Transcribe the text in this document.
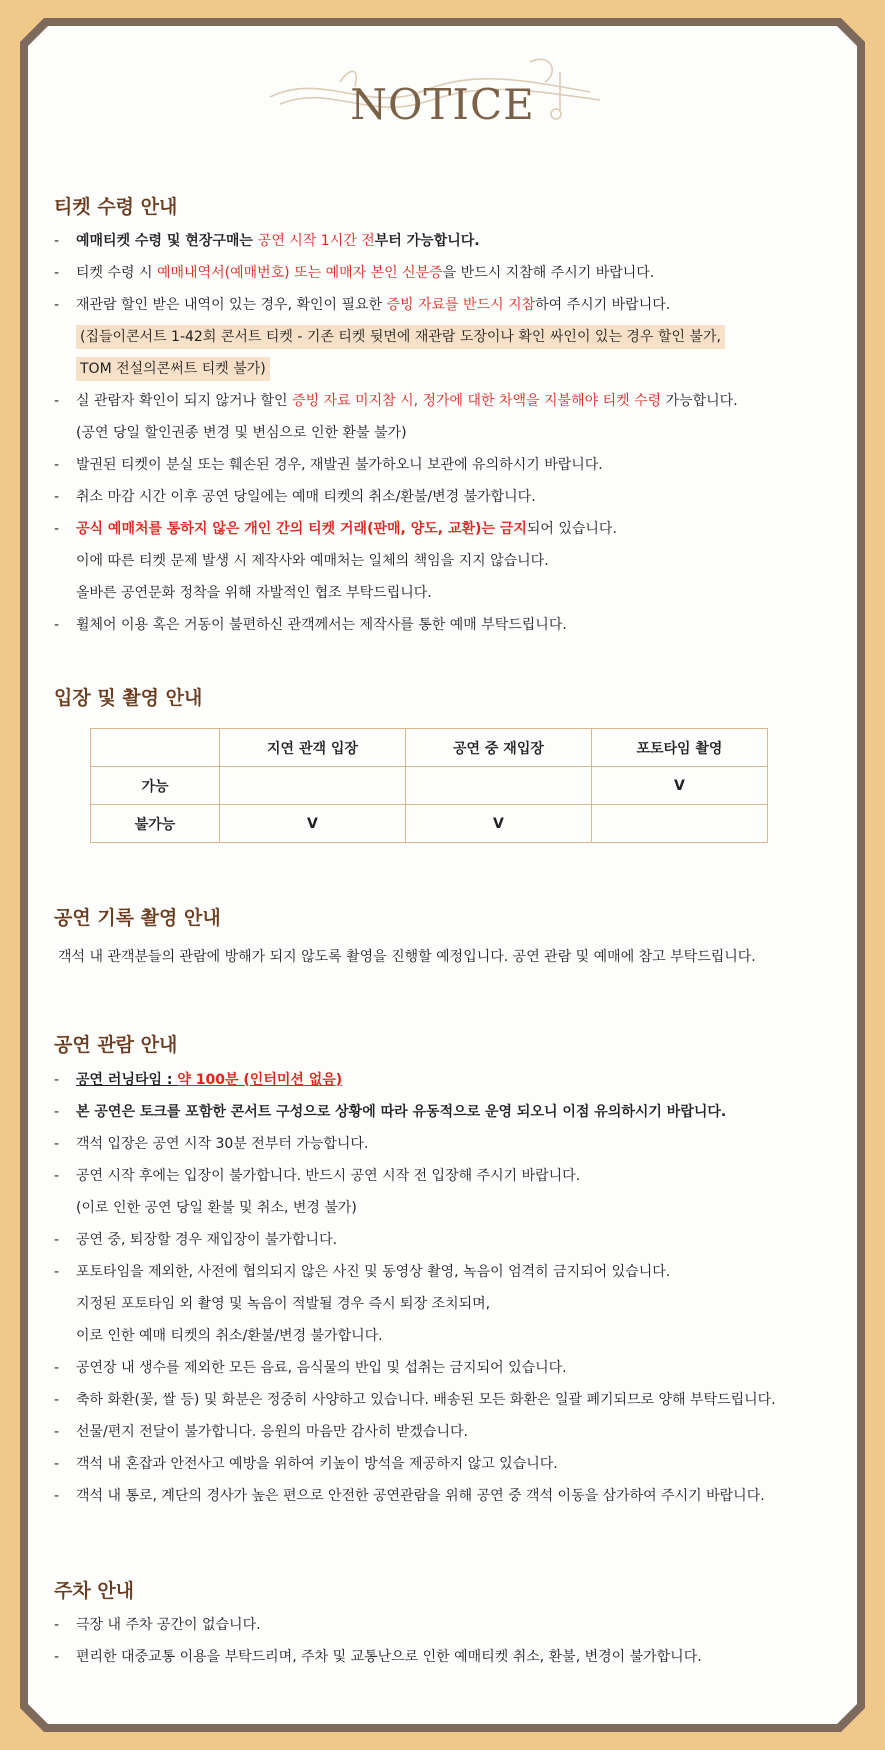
NOTICE
티켓 수령 안내
- 예매티켓 수령 및 현장구매는 공연 시작 1시간 전부터 가능합니다.
- 티켓 수령 시 예매내역서(예매번호) 또는 예매자 본인 신분증을 반드시 지참해 주시기 바랍니다.
- 재관람 할인 받은 내역이 있는 경우, 확인이 필요한 증빙 자료를 반드시 지참하여 주시기 바랍니다.
(집들이콘서트 1-42회 콘서트 티켓 - 기존 티켓 뒷면에 재관람 도장이나 확인 싸인이 있는 경우 할인 불가,
TOM 전설의콘써트 티켓 불가)
- 실 관람자 확인이 되지 않거나 할인 증빙 자료 미지참 시, 정가에 대한 차액을 지불해야 티켓 수령 가능합니다.
(공연 당일 할인권종 변경 및 변심으로 인한 환불 불가)
- 발권된 티켓이 분실 또는 훼손된 경우, 재발권 불가하오니 보관에 유의하시기 바랍니다.
- 취소 마감 시간 이후 공연 당일에는 예매 티켓의 취소/환불/변경 불가합니다.
- 공식 예매처를 통하지 않은 개인 간의 티켓 거래(판매, 양도, 교환)는 금지되어 있습니다.
이에 따른 티켓 문제 발생 시 제작사와 예매처는 일체의 책임을 지지 않습니다.
올바른 공연문화 정착을 위해 자발적인 협조 부탁드립니다.
- 휠체어 이용 혹은 거동이 불편하신 관객께서는 제작사를 통한 예매 부탁드립니다.
입장 및 촬영 안내
	지연 관객 입장	공연 중 재입장	포토타임 촬영
가능			V
불가능	V	V	
공연 기록 촬영 안내
객석 내 관객분들의 관람에 방해가 되지 않도록 촬영을 진행할 예정입니다. 공연 관람 및 예매에 참고 부탁드립니다.
공연 관람 안내
- 공연 러닝타임 : 약 100분 (인터미션 없음)
- 본 공연은 토크를 포함한 콘서트 구성으로 상황에 따라 유동적으로 운영 되오니 이점 유의하시기 바랍니다.
- 객석 입장은 공연 시작 30분 전부터 가능합니다.
- 공연 시작 후에는 입장이 불가합니다. 반드시 공연 시작 전 입장해 주시기 바랍니다.
(이로 인한 공연 당일 환불 및 취소, 변경 불가)
- 공연 중, 퇴장할 경우 재입장이 불가합니다.
- 포토타임을 제외한, 사전에 협의되지 않은 사진 및 동영상 촬영, 녹음이 엄격히 금지되어 있습니다.
지정된 포토타임 외 촬영 및 녹음이 적발될 경우 즉시 퇴장 조치되며,
이로 인한 예매 티켓의 취소/환불/변경 불가합니다.
- 공연장 내 생수를 제외한 모든 음료, 음식물의 반입 및 섭취는 금지되어 있습니다.
- 축하 화환(꽃, 쌀 등) 및 화분은 정중히 사양하고 있습니다. 배송된 모든 화환은 일괄 폐기되므로 양해 부탁드립니다.
- 선물/편지 전달이 불가합니다. 응원의 마음만 감사히 받겠습니다.
- 객석 내 혼잡과 안전사고 예방을 위하여 키높이 방석을 제공하지 않고 있습니다.
- 객석 내 통로, 계단의 경사가 높은 편으로 안전한 공연관람을 위해 공연 중 객석 이동을 삼가하여 주시기 바랍니다.
주차 안내
- 극장 내 주차 공간이 없습니다.
- 편리한 대중교통 이용을 부탁드리며, 주차 및 교통난으로 인한 예매티켓 취소, 환불, 변경이 불가합니다.
